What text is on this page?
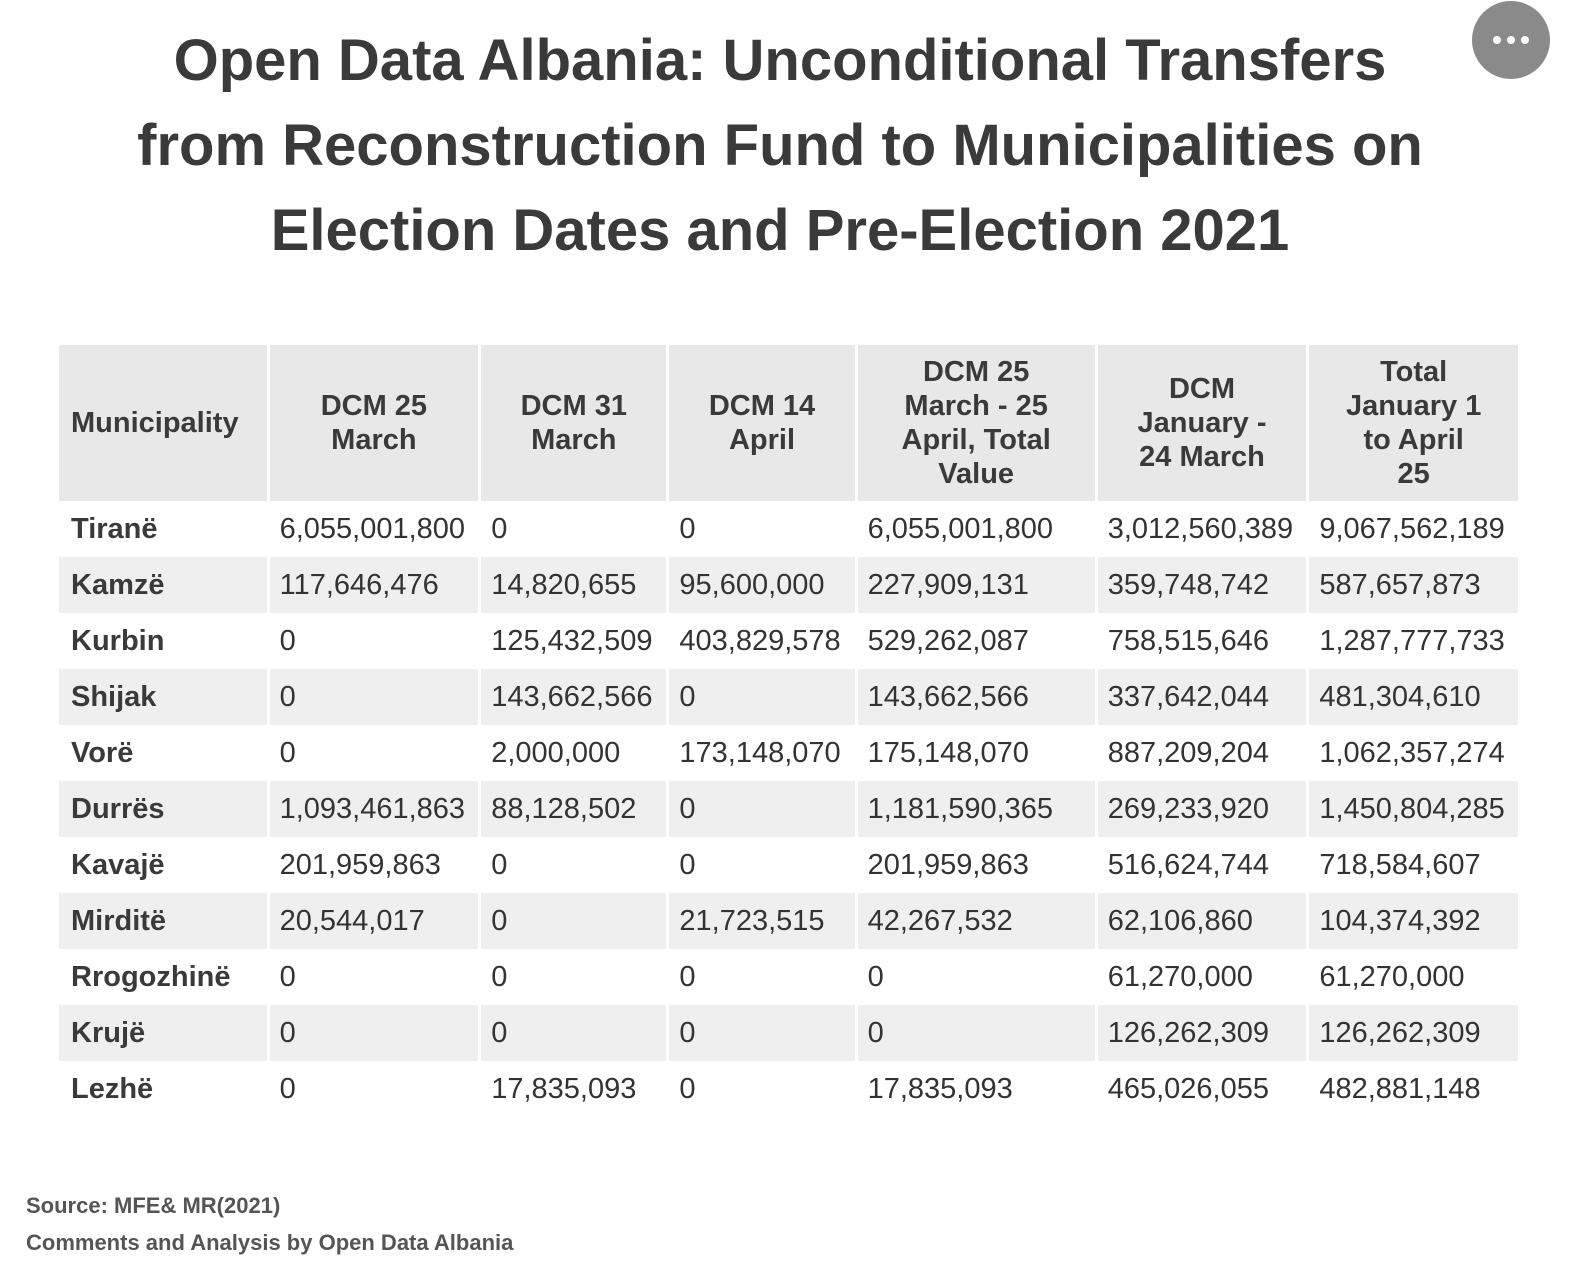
Open Data Albania: Unconditional Transfers
from Reconstruction Fund to Municipalities on
Election Dates and Pre-Election 2021
Municipality	DCM 25 March	DCM 31 March	DCM 14 April	DCM 25 March - 25 April, Total Value	DCM January - 24 March	Total January 1 to April 25

Tiranë	6,055,001,800	0	0	6,055,001,800	3,012,560,389	9,067,562,189
Kamzë	117,646,476	14,820,655	95,600,000	227,909,131	359,748,742	587,657,873
Kurbin	0	125,432,509	403,829,578	529,262,087	758,515,646	1,287,777,733
Shijak	0	143,662,566	0	143,662,566	337,642,044	481,304,610
Vorë	0	2,000,000	173,148,070	175,148,070	887,209,204	1,062,357,274
Durrës	1,093,461,863	88,128,502	0	1,181,590,365	269,233,920	1,450,804,285
Kavajë	201,959,863	0	0	201,959,863	516,624,744	718,584,607
Mirditë	20,544,017	0	21,723,515	42,267,532	62,106,860	104,374,392
Rrogozhinë	0	0	0	0	61,270,000	61,270,000
Krujë	0	0	0	0	126,262,309	126,262,309
Lezhë	0	17,835,093	0	17,835,093	465,026,055	482,881,148
Source: MFE& MR(2021)
Comments and Analysis by Open Data Albania
